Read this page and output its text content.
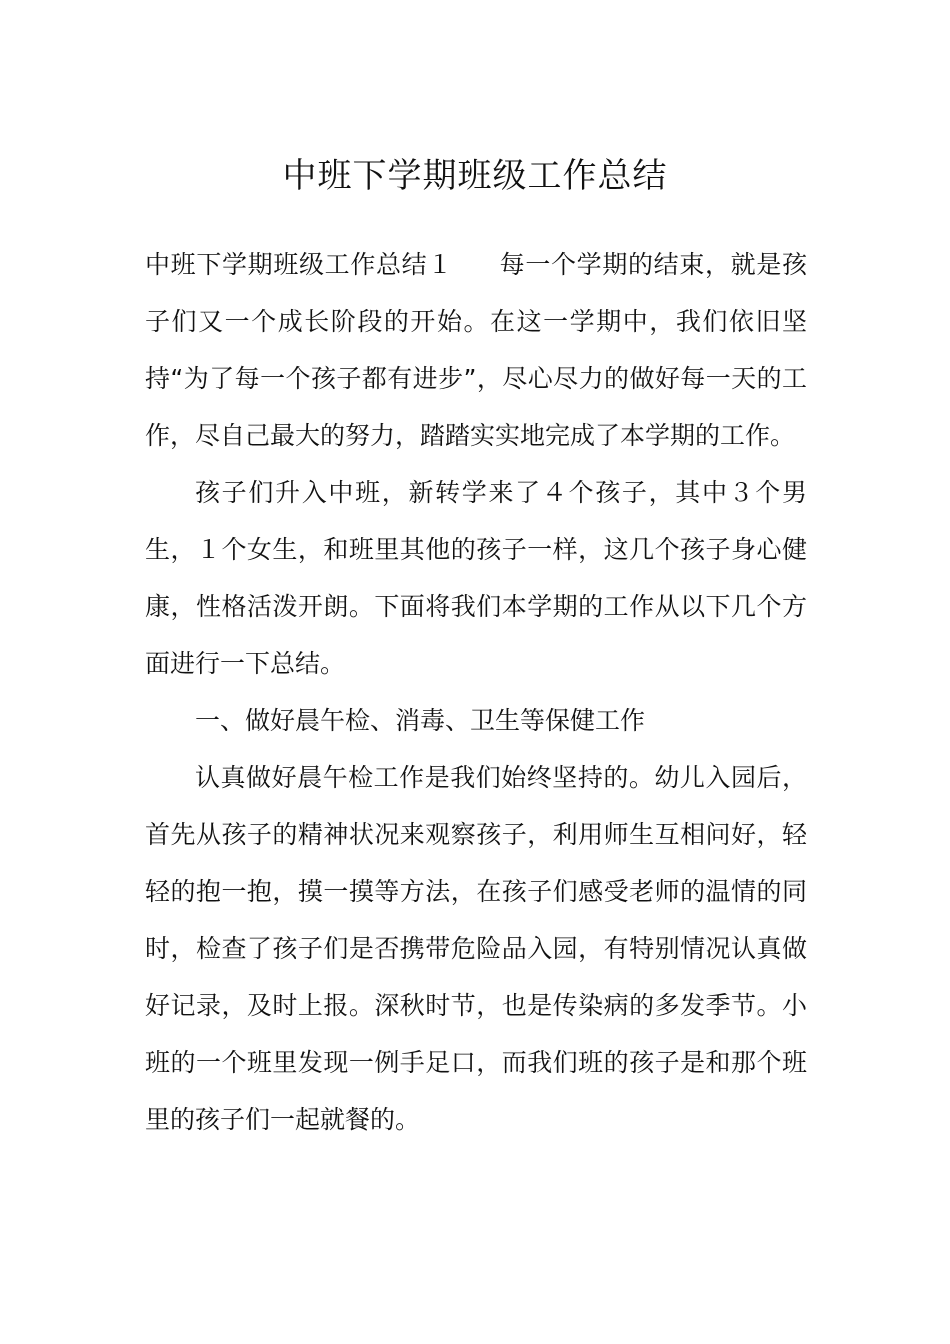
中班下学期班级工作总结

中班下学期班级工作总结１ 每一个学期的结束，就是孩子们又一个成长阶段的开始。在这一学期中，我们依旧坚持“为了每一个孩子都有进步”，尽心尽力的做好每一天的工作，尽自己最大的努力，踏踏实实地完成了本学期的工作。

孩子们升入中班，新转学来了４个孩子，其中３个男生，１个女生，和班里其他的孩子一样，这几个孩子身心健康，性格活泼开朗。下面将我们本学期的工作从以下几个方面进行一下总结。

一、做好晨午检、消毒、卫生等保健工作

认真做好晨午检工作是我们始终坚持的。幼儿入园后，首先从孩子的精神状况来观察孩子，利用师生互相问好，轻轻的抱一抱，摸一摸等方法，在孩子们感受老师的温情的同时，检查了孩子们是否携带危险品入园，有特别情况认真做好记录，及时上报。深秋时节，也是传染病的多发季节。小班的一个班里发现一例手足口，而我们班的孩子是和那个班里的孩子们一起就餐的。
